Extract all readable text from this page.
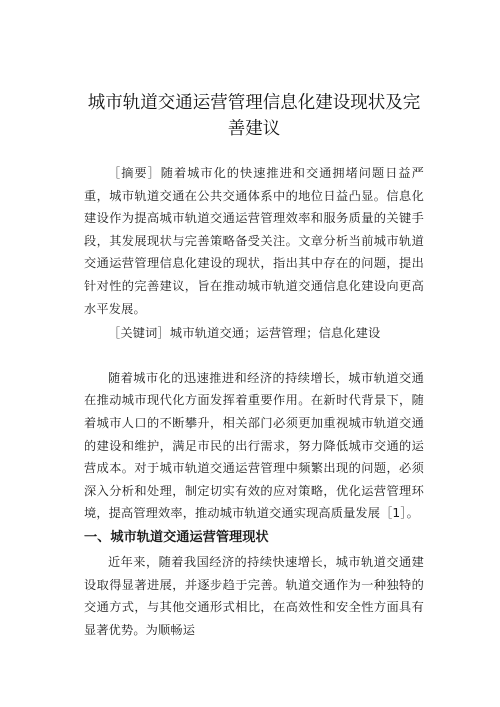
城市轨道交通运营管理信息化建设现状及完善建议

［摘要］随着城市化的快速推进和交通拥堵问题日益严重，城市轨道交通在公共交通体系中的地位日益凸显。信息化建设作为提高城市轨道交通运营管理效率和服务质量的关键手段，其发展现状与完善策略备受关注。文章分析当前城市轨道交通运营管理信息化建设的现状，指出其中存在的问题，提出针对性的完善建议，旨在推动城市轨道交通信息化建设向更高水平发展。

［关键词］城市轨道交通；运营管理；信息化建设

随着城市化的迅速推进和经济的持续增长，城市轨道交通在推动城市现代化方面发挥着重要作用。在新时代背景下，随着城市人口的不断攀升，相关部门必须更加重视城市轨道交通的建设和维护，满足市民的出行需求，努力降低城市交通的运营成本。对于城市轨道交通运营管理中频繁出现的问题，必须深入分析和处理，制定切实有效的应对策略，优化运营管理环境，提高管理效率，推动城市轨道交通实现高质量发展［1］。

一、城市轨道交通运营管理现状

近年来，随着我国经济的持续快速增长，城市轨道交通建设取得显著进展，并逐步趋于完善。轨道交通作为一种独特的交通方式，与其他交通形式相比，在高效性和安全性方面具有显著优势。为顺畅运
